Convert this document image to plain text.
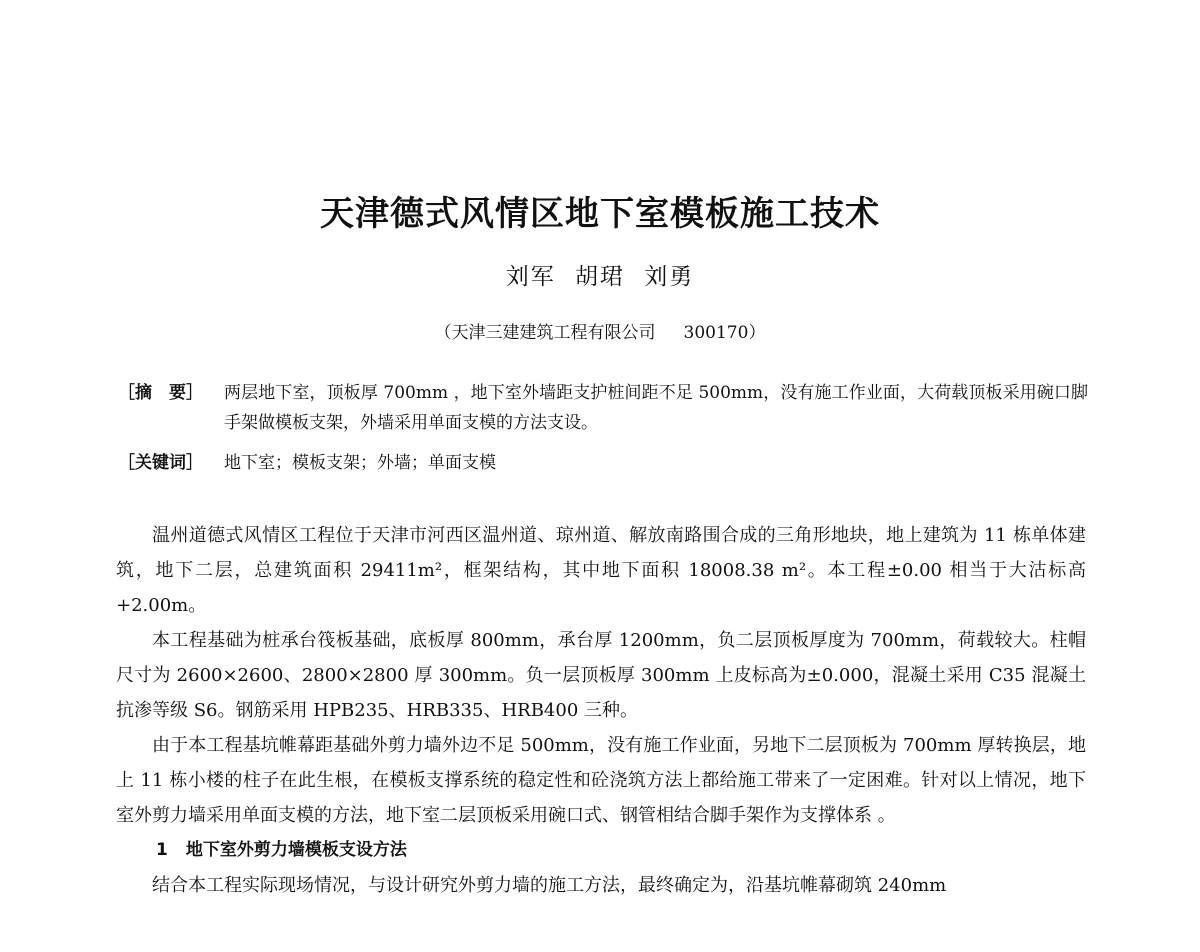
天津德式风情区地下室模板施工技术
刘军 胡珺 刘勇
（天津三建建筑工程有限公司 300170）
［摘　要］ 两层地下室，顶板厚 700mm ，地下室外墙距支护桩间距不足 500mm，没有施工作业面，大荷载顶板采用碗口脚手架做模板支架，外墙采用单面支模的方法支设。
［关键词］ 地下室；模板支架；外墙；单面支模

温州道德式风情区工程位于天津市河西区温州道、琼州道、解放南路围合成的三角形地块，地上建筑为 11 栋单体建筑，地下二层，总建筑面积 29411m²，框架结构，其中地下面积 18008.38 m²。本工程±0.00 相当于大沽标高+2.00m。

本工程基础为桩承台筏板基础，底板厚 800mm，承台厚 1200mm，负二层顶板厚度为 700mm，荷载较大。柱帽尺寸为 2600×2600、2800×2800 厚 300mm。负一层顶板厚 300mm 上皮标高为±0.000，混凝土采用 C35 混凝土抗渗等级 S6。钢筋采用 HPB235、HRB335、HRB400 三种。

由于本工程基坑帷幕距基础外剪力墙外边不足 500mm，没有施工作业面，另地下二层顶板为 700mm 厚转换层，地上 11 栋小楼的柱子在此生根，在模板支撑系统的稳定性和砼浇筑方法上都给施工带来了一定困难。针对以上情况，地下室外剪力墙采用单面支模的方法，地下室二层顶板采用碗口式、钢管相结合脚手架作为支撑体系 。

1 地下室外剪力墙模板支设方法

结合本工程实际现场情况，与设计研究外剪力墙的施工方法，最终确定为，沿基坑帷幕砌筑 240mm
